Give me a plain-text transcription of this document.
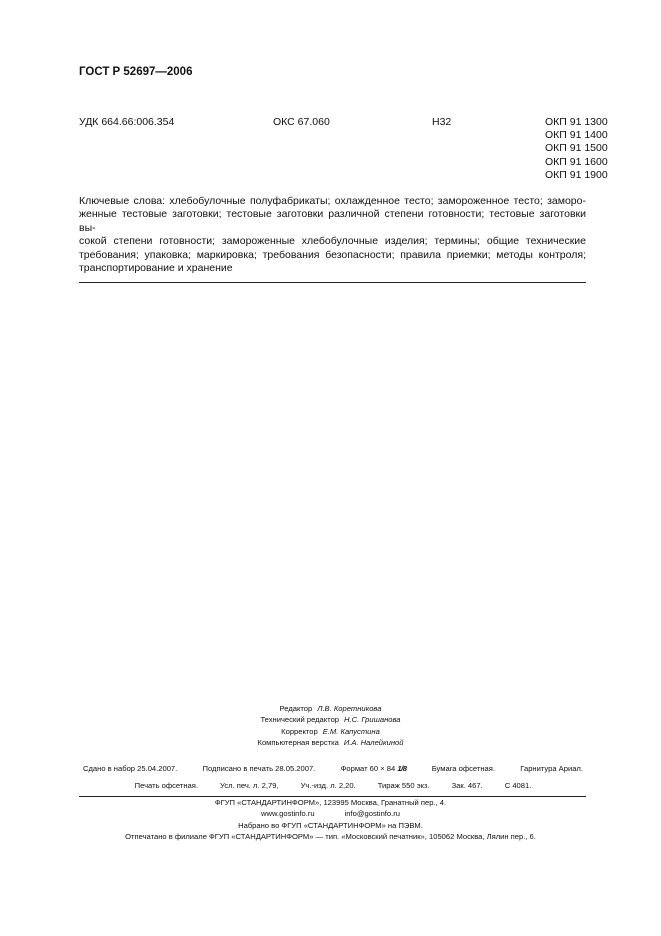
ГОСТ Р 52697—2006
УДК 664.66:006.354	ОКС 67.060	Н32	ОКП 91 1300
ОКП 91 1400
ОКП 91 1500
ОКП 91 1600
ОКП 91 1900
Ключевые слова: хлебобулочные полуфабрикаты; охлажденное тесто; замороженное тесто; заморо-
женные тестовые заготовки; тестовые заготовки различной степени готовности; тестовые заготовки вы-
сокой степени готовности; замороженные хлебобулочные изделия; термины; общие технические
требования; упаковка; маркировка; требования безопасности; правила приемки; методы контроля;
транспортирование и хранение
Редактор Л.В. Коретникова
Технический редактор Н.С. Гришанова
Корректор Е.М. Капустина
Компьютерная верстка И.А. Налейкиной
Сдано в набор 25.04.2007.	Подписано в печать 28.05.2007.	Формат 60 × 84 1/8	Бумага офсетная.	Гарнитура Ариал.
Печать офсетная.	Усл. печ. л. 2,79,	Уч.-изд. л. 2,20.	Тираж 550 экз.	Зак. 467.	С 4081.
ФГУП «СТАНДАРТИНФОРМ», 123995 Москва, Гранатный пер., 4.
www.gostinfo.ru	info@gostinfo.ru
Набрано во ФГУП «СТАНДАРТИНФОРМ» на ПЭВМ.
Отпечатано в филиале ФГУП «СТАНДАРТИНФОРМ» — тип. «Московский печатник», 105062 Москва, Лялин пер., 6.
